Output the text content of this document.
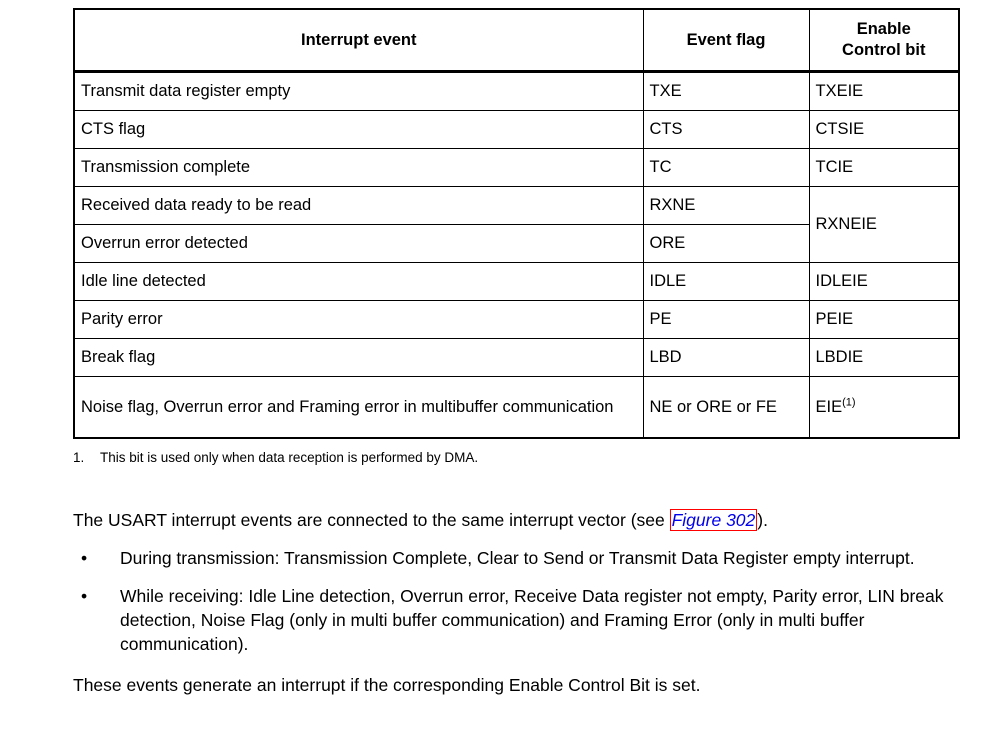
Interrupt event	Event flag	Enable Control bit
Transmit data register empty	TXE	TXEIE
CTS flag	CTS	CTSIE
Transmission complete	TC	TCIE
Received data ready to be read	RXNE	RXNEIE
Overrun error detected	ORE	
Idle line detected	IDLE	IDLEIE
Parity error	PE	PEIE
Break flag	LBD	LBDIE
Noise flag, Overrun error and Framing error in multibuffer communication	NE or ORE or FE	EIE$^{(1)}$
1.	This bit is used only when data reception is performed by DMA.

The USART interrupt events are connected to the same interrupt vector (see Figure 302 ).

•	During transmission: Transmission Complete, Clear to Send or Transmit Data Register empty interrupt.
•	While receiving: Idle Line detection, Overrun error, Receive Data register not empty, Parity error, LIN break detection, Noise Flag (only in multi buffer communication) and Framing Error (only in multi buffer communication).

These events generate an interrupt if the corresponding Enable Control Bit is set.
